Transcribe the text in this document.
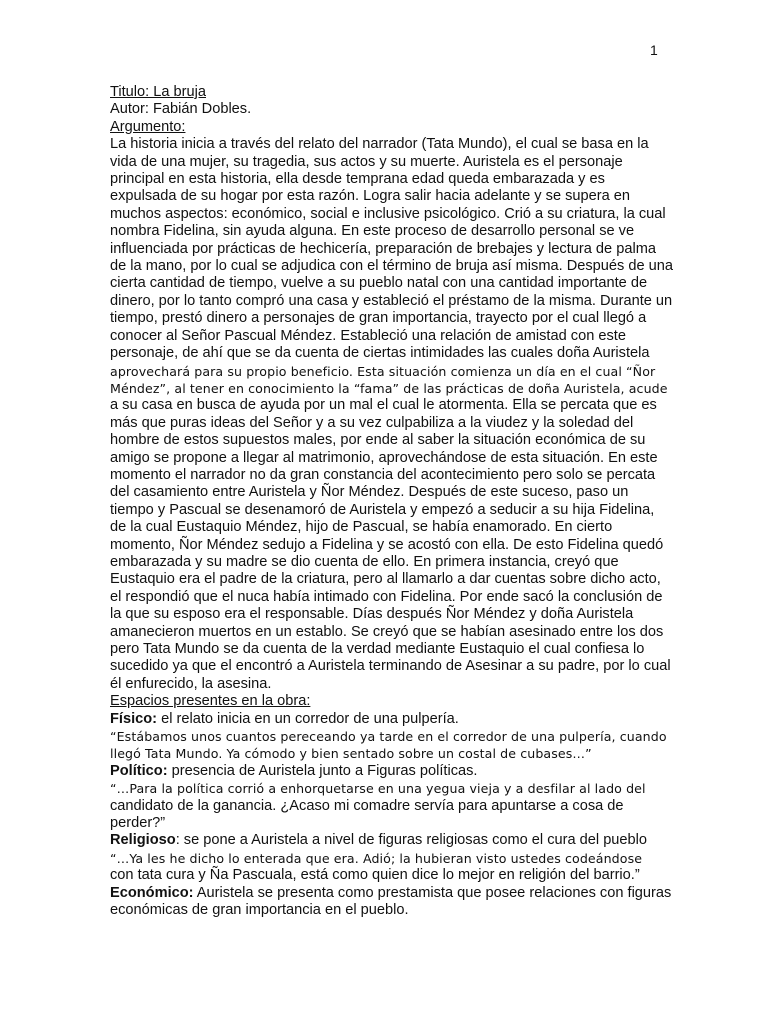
1
Titulo: La bruja
Autor: Fabián Dobles.
Argumento:
La historia inicia a través del relato del narrador (Tata Mundo), el cual se basa en la
vida de una mujer, su tragedia, sus actos y su muerte. Auristela es el personaje
principal en esta historia, ella desde temprana edad queda embarazada y es
expulsada de su hogar por esta razón. Logra salir hacia adelante y se supera en
muchos aspectos: económico, social e inclusive psicológico. Crió a su criatura, la cual
nombra Fidelina, sin ayuda alguna. En este proceso de desarrollo personal se ve
influenciada por prácticas de hechicería, preparación de brebajes y lectura de palma
de la mano, por lo cual se adjudica con el término de bruja así misma. Después de una
cierta cantidad de tiempo, vuelve a su pueblo natal con una cantidad importante de
dinero, por lo tanto compró una casa y estableció el préstamo de la misma. Durante un
tiempo, prestó dinero a personajes de gran importancia, trayecto por el cual llegó a
conocer al Señor Pascual Méndez. Estableció una relación de amistad con este
personaje, de ahí que se da cuenta de ciertas intimidades las cuales doña Auristela
aprovechará para su propio beneficio. Esta situación comienza un día en el cual “Ñor
Méndez”, al tener en conocimiento la “fama” de las prácticas de doña Auristela, acude
a su casa en busca de ayuda por un mal el cual le atormenta. Ella se percata que es
más que puras ideas del Señor y a su vez culpabiliza a la viudez y la soledad del
hombre de estos supuestos males, por ende al saber la situación económica de su
amigo se propone a llegar al matrimonio, aprovechándose de esta situación. En este
momento el narrador no da gran constancia del acontecimiento pero solo se percata
del casamiento entre Auristela y Ñor Méndez. Después de este suceso, paso un
tiempo y Pascual se desenamoró de Auristela y empezó a seducir a su hija Fidelina,
de la cual Eustaquio Méndez, hijo de Pascual, se había enamorado. En cierto
momento, Ñor Méndez sedujo a Fidelina y se acostó con ella. De esto Fidelina quedó
embarazada y su madre se dio cuenta de ello. En primera instancia, creyó que
Eustaquio era el padre de la criatura, pero al llamarlo a dar cuentas sobre dicho acto,
el respondió que el nuca había intimado con Fidelina. Por ende sacó la conclusión de
la que su esposo era el responsable. Días después Ñor Méndez y doña Auristela
amanecieron muertos en un establo. Se creyó que se habían asesinado entre los dos
pero Tata Mundo se da cuenta de la verdad mediante Eustaquio el cual confiesa lo
sucedido ya que el encontró a Auristela terminando de Asesinar a su padre, por lo cual
él enfurecido, la asesina.
Espacios presentes en la obra:
Físico: el relato inicia en un corredor de una pulpería.
“Estábamos unos cuantos pereceando ya tarde en el corredor de una pulpería, cuando
llegó Tata Mundo. Ya cómodo y bien sentado sobre un costal de cubases…”
Político: presencia de Auristela junto a Figuras políticas.
“…Para la política corrió a enhorquetarse en una yegua vieja y a desfilar al lado del
candidato de la ganancia. ¿Acaso mi comadre servía para apuntarse a cosa de
perder?”
Religioso: se pone a Auristela a nivel de figuras religiosas como el cura del pueblo
“…Ya les he dicho lo enterada que era. Adió; la hubieran visto ustedes codeándose
con tata cura y Ña Pascuala, está como quien dice lo mejor en religión del barrio.”
Económico: Auristela se presenta como prestamista que posee relaciones con figuras
económicas de gran importancia en el pueblo.
